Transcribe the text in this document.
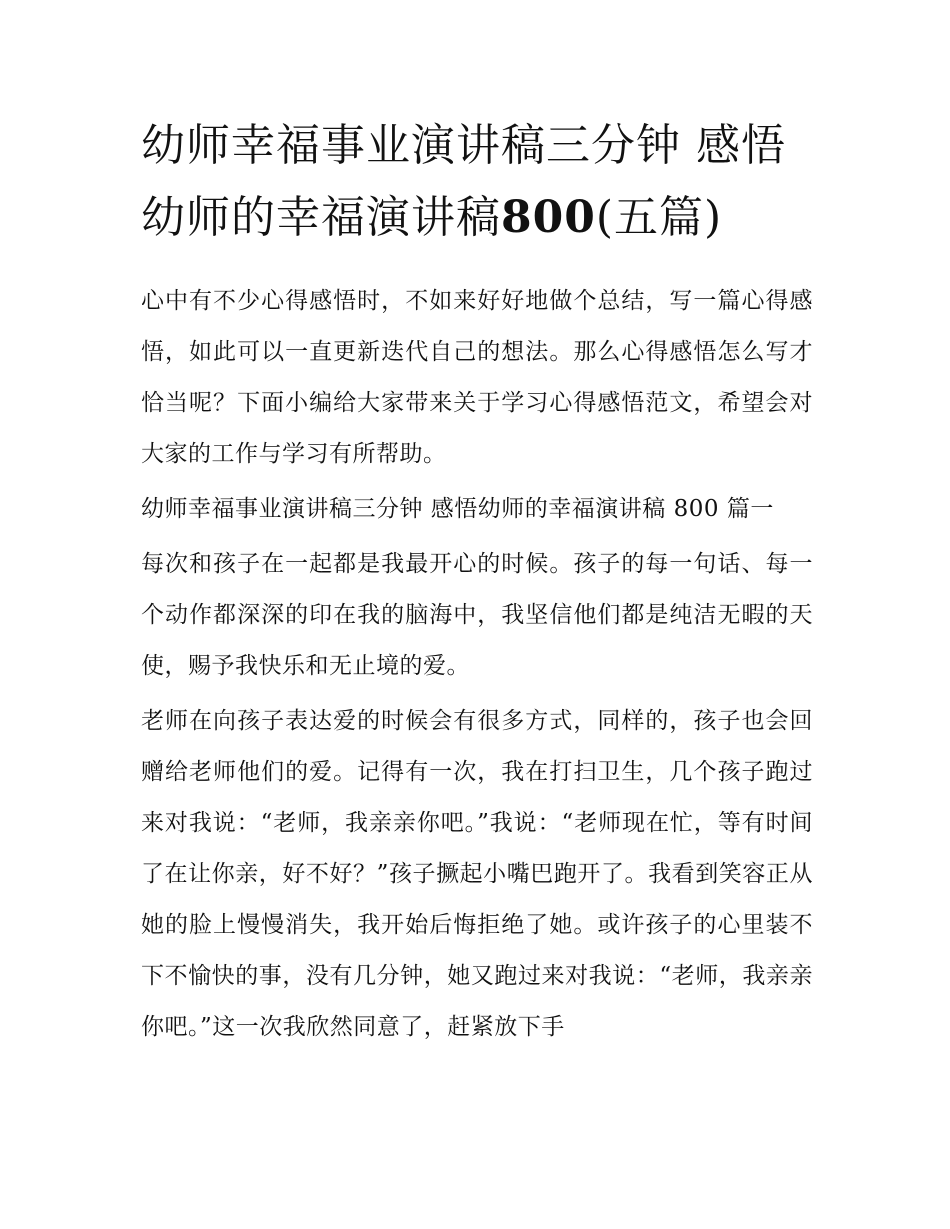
幼师幸福事业演讲稿三分钟 感悟幼师的幸福演讲稿800(五篇)

心中有不少心得感悟时，不如来好好地做个总结，写一篇心得感悟，如此可以一直更新迭代自己的想法。那么心得感悟怎么写才恰当呢？下面小编给大家带来关于学习心得感悟范文，希望会对大家的工作与学习有所帮助。

幼师幸福事业演讲稿三分钟 感悟幼师的幸福演讲稿 800 篇一

每次和孩子在一起都是我最开心的时候。孩子的每一句话、每一个动作都深深的印在我的脑海中，我坚信他们都是纯洁无暇的天使，赐予我快乐和无止境的爱。

老师在向孩子表达爱的时候会有很多方式，同样的，孩子也会回赠给老师他们的爱。记得有一次，我在打扫卫生，几个孩子跑过来对我说：“老师，我亲亲你吧。”我说：“老师现在忙，等有时间了在让你亲，好不好？”孩子撅起小嘴巴跑开了。我看到笑容正从她的脸上慢慢消失，我开始后悔拒绝了她。或许孩子的心里装不下不愉快的事，没有几分钟，她又跑过来对我说：“老师，我亲亲你吧。”这一次我欣然同意了，赶紧放下手
